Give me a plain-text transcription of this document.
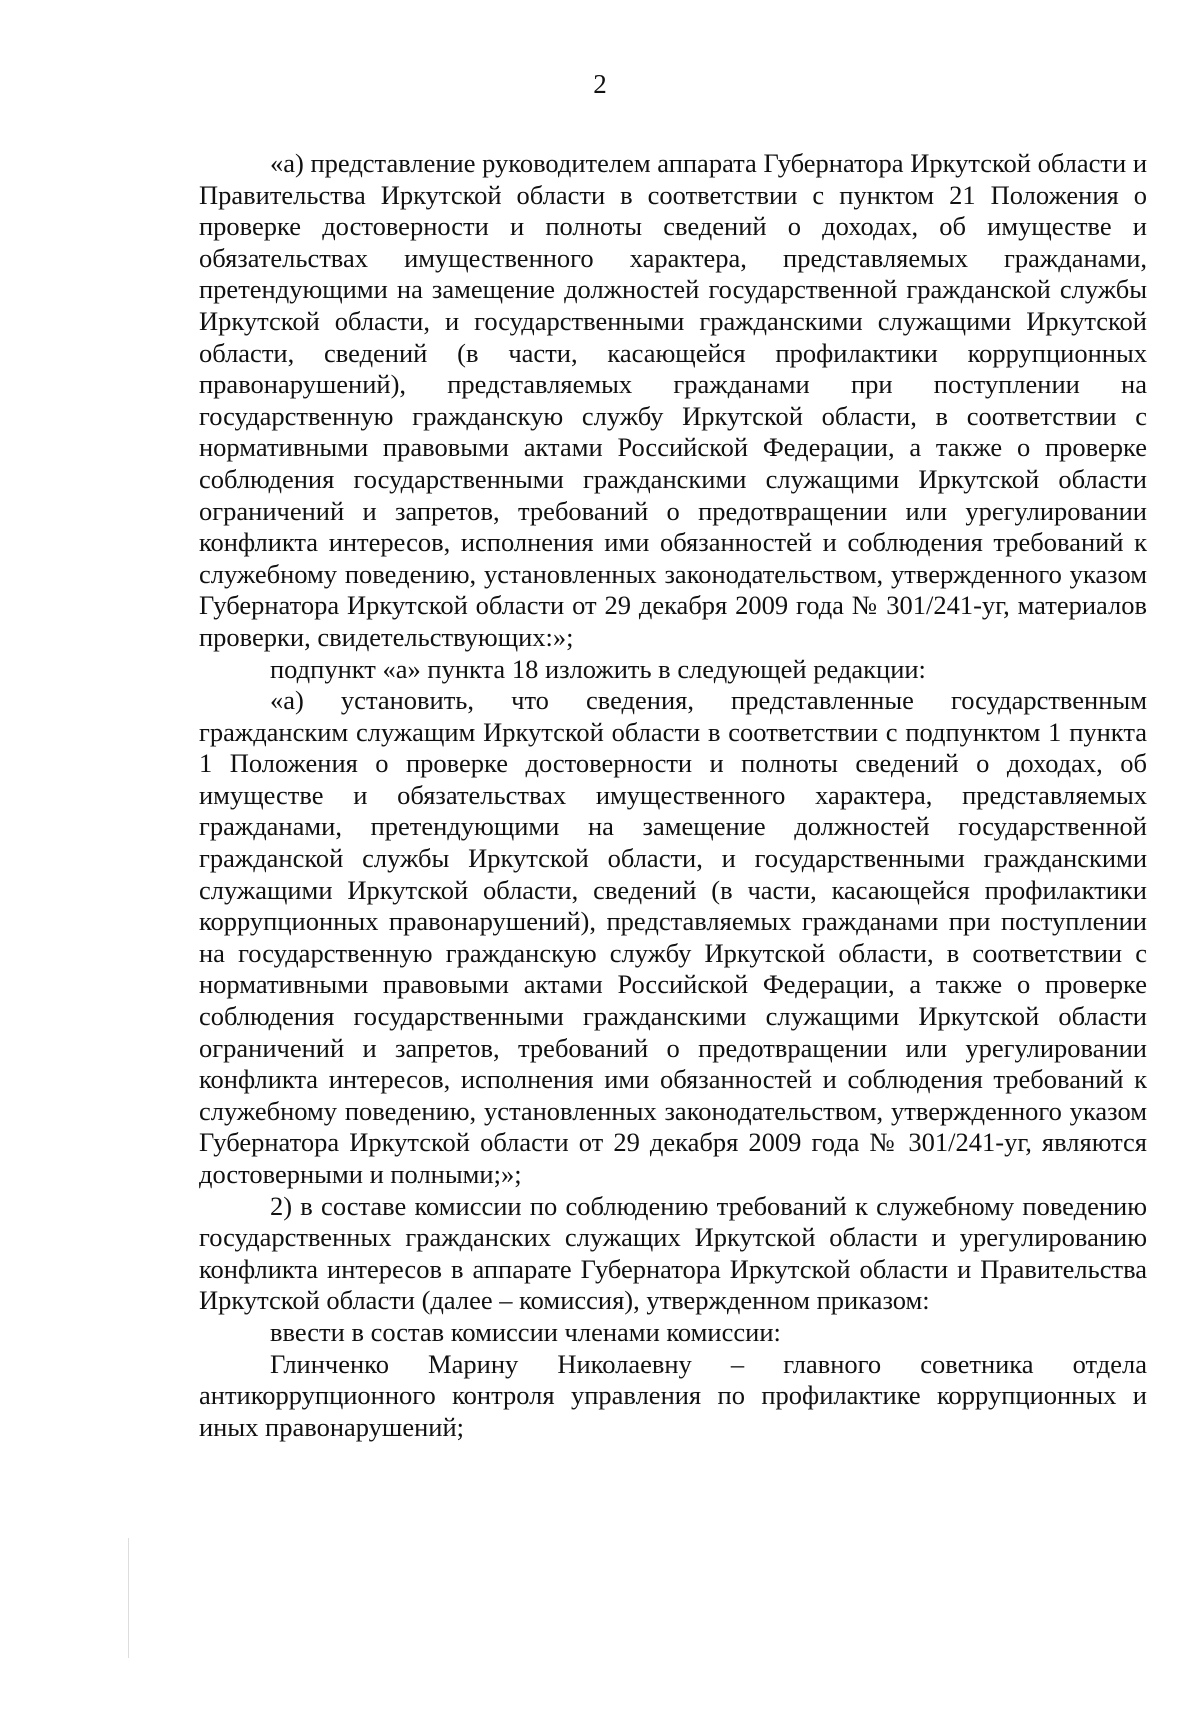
2

«а) представление руководителем аппарата Губернатора Иркутской области и Правительства Иркутской области в соответствии с пунктом 21 Положения о проверке достоверности и полноты сведений о доходах, об имуществе и обязательствах имущественного характера, представляемых гражданами, претендующими на замещение должностей государственной гражданской службы Иркутской области, и государственными гражданскими служащими Иркутской области, сведений (в части, касающейся профилактики коррупционных правонарушений), представляемых гражданами при поступлении на государственную гражданскую службу Иркутской области, в соответствии с нормативными правовыми актами Российской Федерации, а также о проверке соблюдения государственными гражданскими служащими Иркутской области ограничений и запретов, требований о предотвращении или урегулировании конфликта интересов, исполнения ими обязанностей и соблюдения требований к служебному поведению, установленных законодательством, утвержденного указом Губернатора Иркутской области от 29 декабря 2009 года № 301/241-уг, материалов проверки, свидетельствующих:»;

подпункт «а» пункта 18 изложить в следующей редакции:

«а) установить, что сведения, представленные государственным гражданским служащим Иркутской области в соответствии с подпунктом 1 пункта 1 Положения о проверке достоверности и полноты сведений о доходах, об имуществе и обязательствах имущественного характера, представляемых гражданами, претендующими на замещение должностей государственной гражданской службы Иркутской области, и государственными гражданскими служащими Иркутской области, сведений (в части, касающейся профилактики коррупционных правонарушений), представляемых гражданами при поступлении на государственную гражданскую службу Иркутской области, в соответствии с нормативными правовыми актами Российской Федерации, а также о проверке соблюдения государственными гражданскими служащими Иркутской области ограничений и запретов, требований о предотвращении или урегулировании конфликта интересов, исполнения ими обязанностей и соблюдения требований к служебному поведению, установленных законодательством, утвержденного указом Губернатора Иркутской области от 29 декабря 2009 года № 301/241-уг, являются достоверными и полными;»;

2) в составе комиссии по соблюдению требований к служебному поведению государственных гражданских служащих Иркутской области и урегулированию конфликта интересов в аппарате Губернатора Иркутской области и Правительства Иркутской области (далее – комиссия), утвержденном приказом:

ввести в состав комиссии членами комиссии:

Глинченко Марину Николаевну – главного советника отдела антикоррупционного контроля управления по профилактике коррупционных и иных правонарушений;
